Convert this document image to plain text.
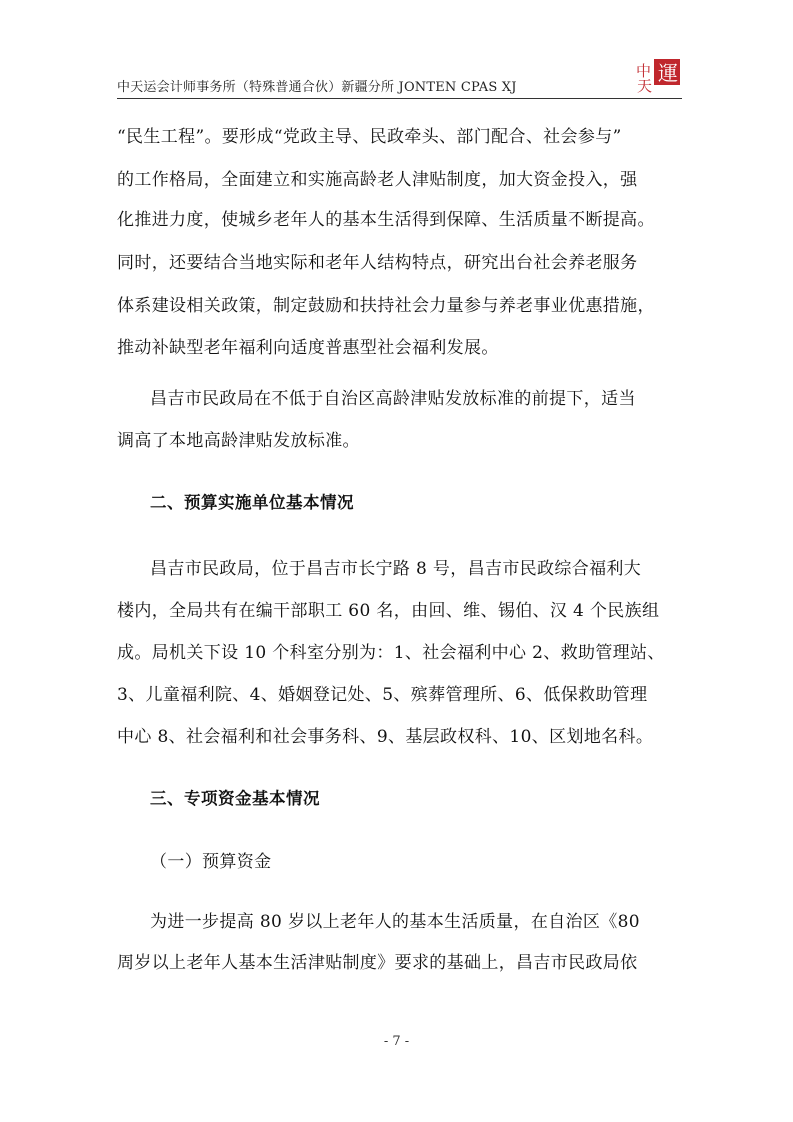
中天运会计师事务所（特殊普通合伙）新疆分所 JONTEN CPAS XJ
運
中
天
“民生工程”。要形成“党政主导、民政牵头、部门配合、社会参与”
的工作格局，全面建立和实施高龄老人津贴制度，加大资金投入，强
化推进力度，使城乡老年人的基本生活得到保障、生活质量不断提高。
同时，还要结合当地实际和老年人结构特点，研究出台社会养老服务
体系建设相关政策，制定鼓励和扶持社会力量参与养老事业优惠措施，
推动补缺型老年福利向适度普惠型社会福利发展。
昌吉市民政局在不低于自治区高龄津贴发放标准的前提下，适当
调高了本地高龄津贴发放标准。
二、预算实施单位基本情况
昌吉市民政局，位于昌吉市长宁路 8 号，昌吉市民政综合福利大
楼内，全局共有在编干部职工 60 名，由回、维、锡伯、汉 4 个民族组
成。局机关下设 10 个科室分别为：1、社会福利中心 2、救助管理站、
3、儿童福利院、4、婚姻登记处、5、殡葬管理所、6、低保救助管理
中心 8、社会福利和社会事务科、9、基层政权科、10、区划地名科。
三、专项资金基本情况
（一）预算资金
为进一步提高 80 岁以上老年人的基本生活质量，在自治区《80
周岁以上老年人基本生活津贴制度》要求的基础上，昌吉市民政局依
- 7 -
